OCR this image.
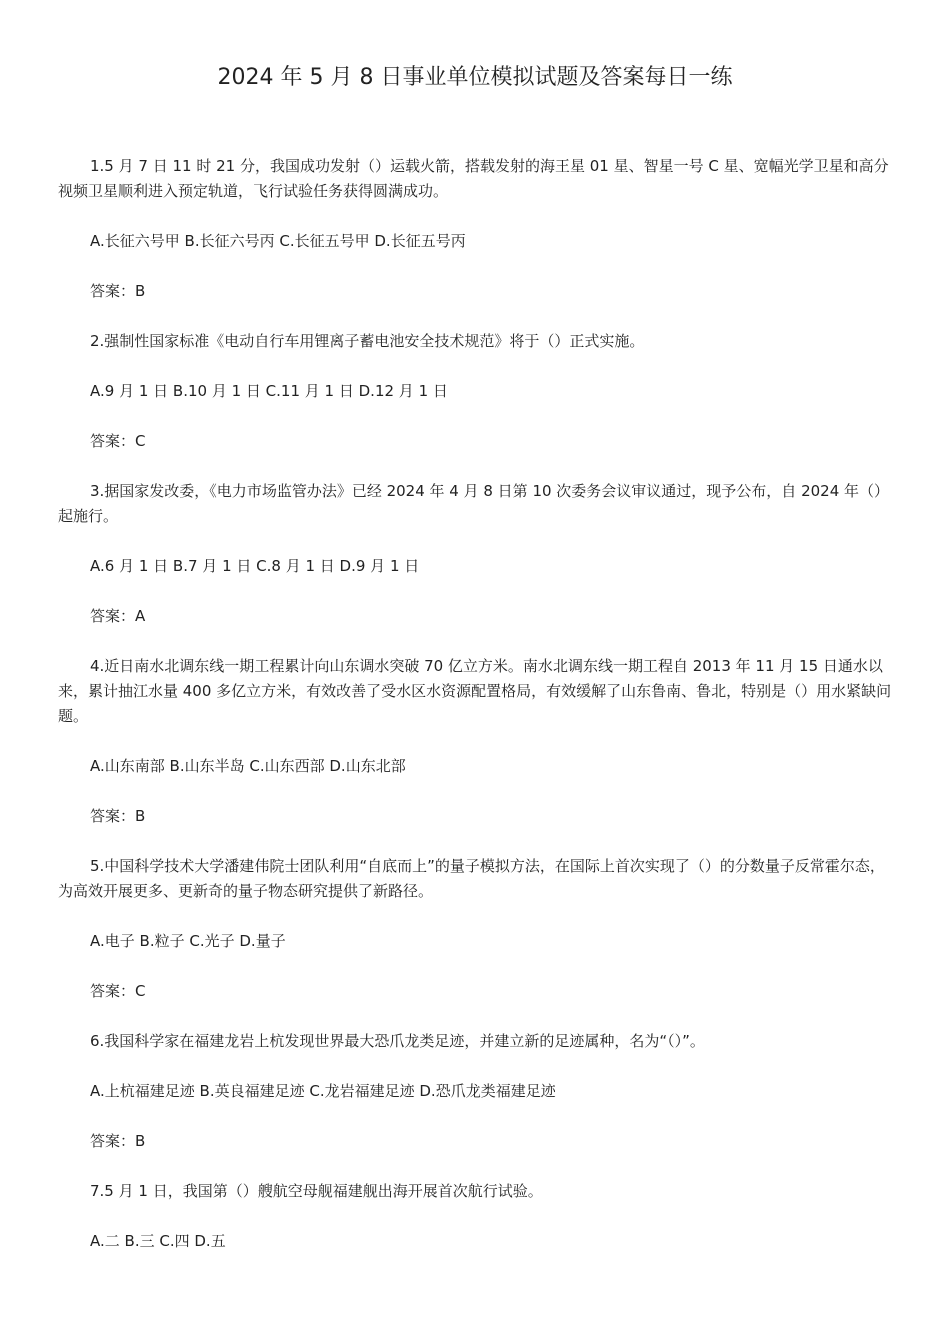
2024 年 5 月 8 日事业单位模拟试题及答案每日一练

1.5 月 7 日 11 时 21 分，我国成功发射（）运载火箭，搭载发射的海王星 01 星、智星一号 C 星、宽幅光学卫星和高分视频卫星顺利进入预定轨道，飞行试验任务获得圆满成功。

A.长征六号甲 B.长征六号丙 C.长征五号甲 D.长征五号丙

答案：B

2.强制性国家标准《电动自行车用锂离子蓄电池安全技术规范》将于（）正式实施。

A.9 月 1 日 B.10 月 1 日 C.11 月 1 日 D.12 月 1 日

答案：C

3.据国家发改委，《电力市场监管办法》已经 2024 年 4 月 8 日第 10 次委务会议审议通过，现予公布，自 2024 年（）起施行。

A.6 月 1 日 B.7 月 1 日 C.8 月 1 日 D.9 月 1 日

答案：A

4.近日南水北调东线一期工程累计向山东调水突破 70 亿立方米。南水北调东线一期工程自 2013 年 11 月 15 日通水以来，累计抽江水量 400 多亿立方米，有效改善了受水区水资源配置格局，有效缓解了山东鲁南、鲁北，特别是（）用水紧缺问题。

A.山东南部 B.山东半岛 C.山东西部 D.山东北部

答案：B

5.中国科学技术大学潘建伟院士团队利用“自底而上”的量子模拟方法，在国际上首次实现了（）的分数量子反常霍尔态，为高效开展更多、更新奇的量子物态研究提供了新路径。

A.电子 B.粒子 C.光子 D.量子

答案：C

6.我国科学家在福建龙岩上杭发现世界最大恐爪龙类足迹，并建立新的足迹属种，名为“（）”。

A.上杭福建足迹 B.英良福建足迹 C.龙岩福建足迹 D.恐爪龙类福建足迹

答案：B

7.5 月 1 日，我国第（）艘航空母舰福建舰出海开展首次航行试验。

A.二 B.三 C.四 D.五
